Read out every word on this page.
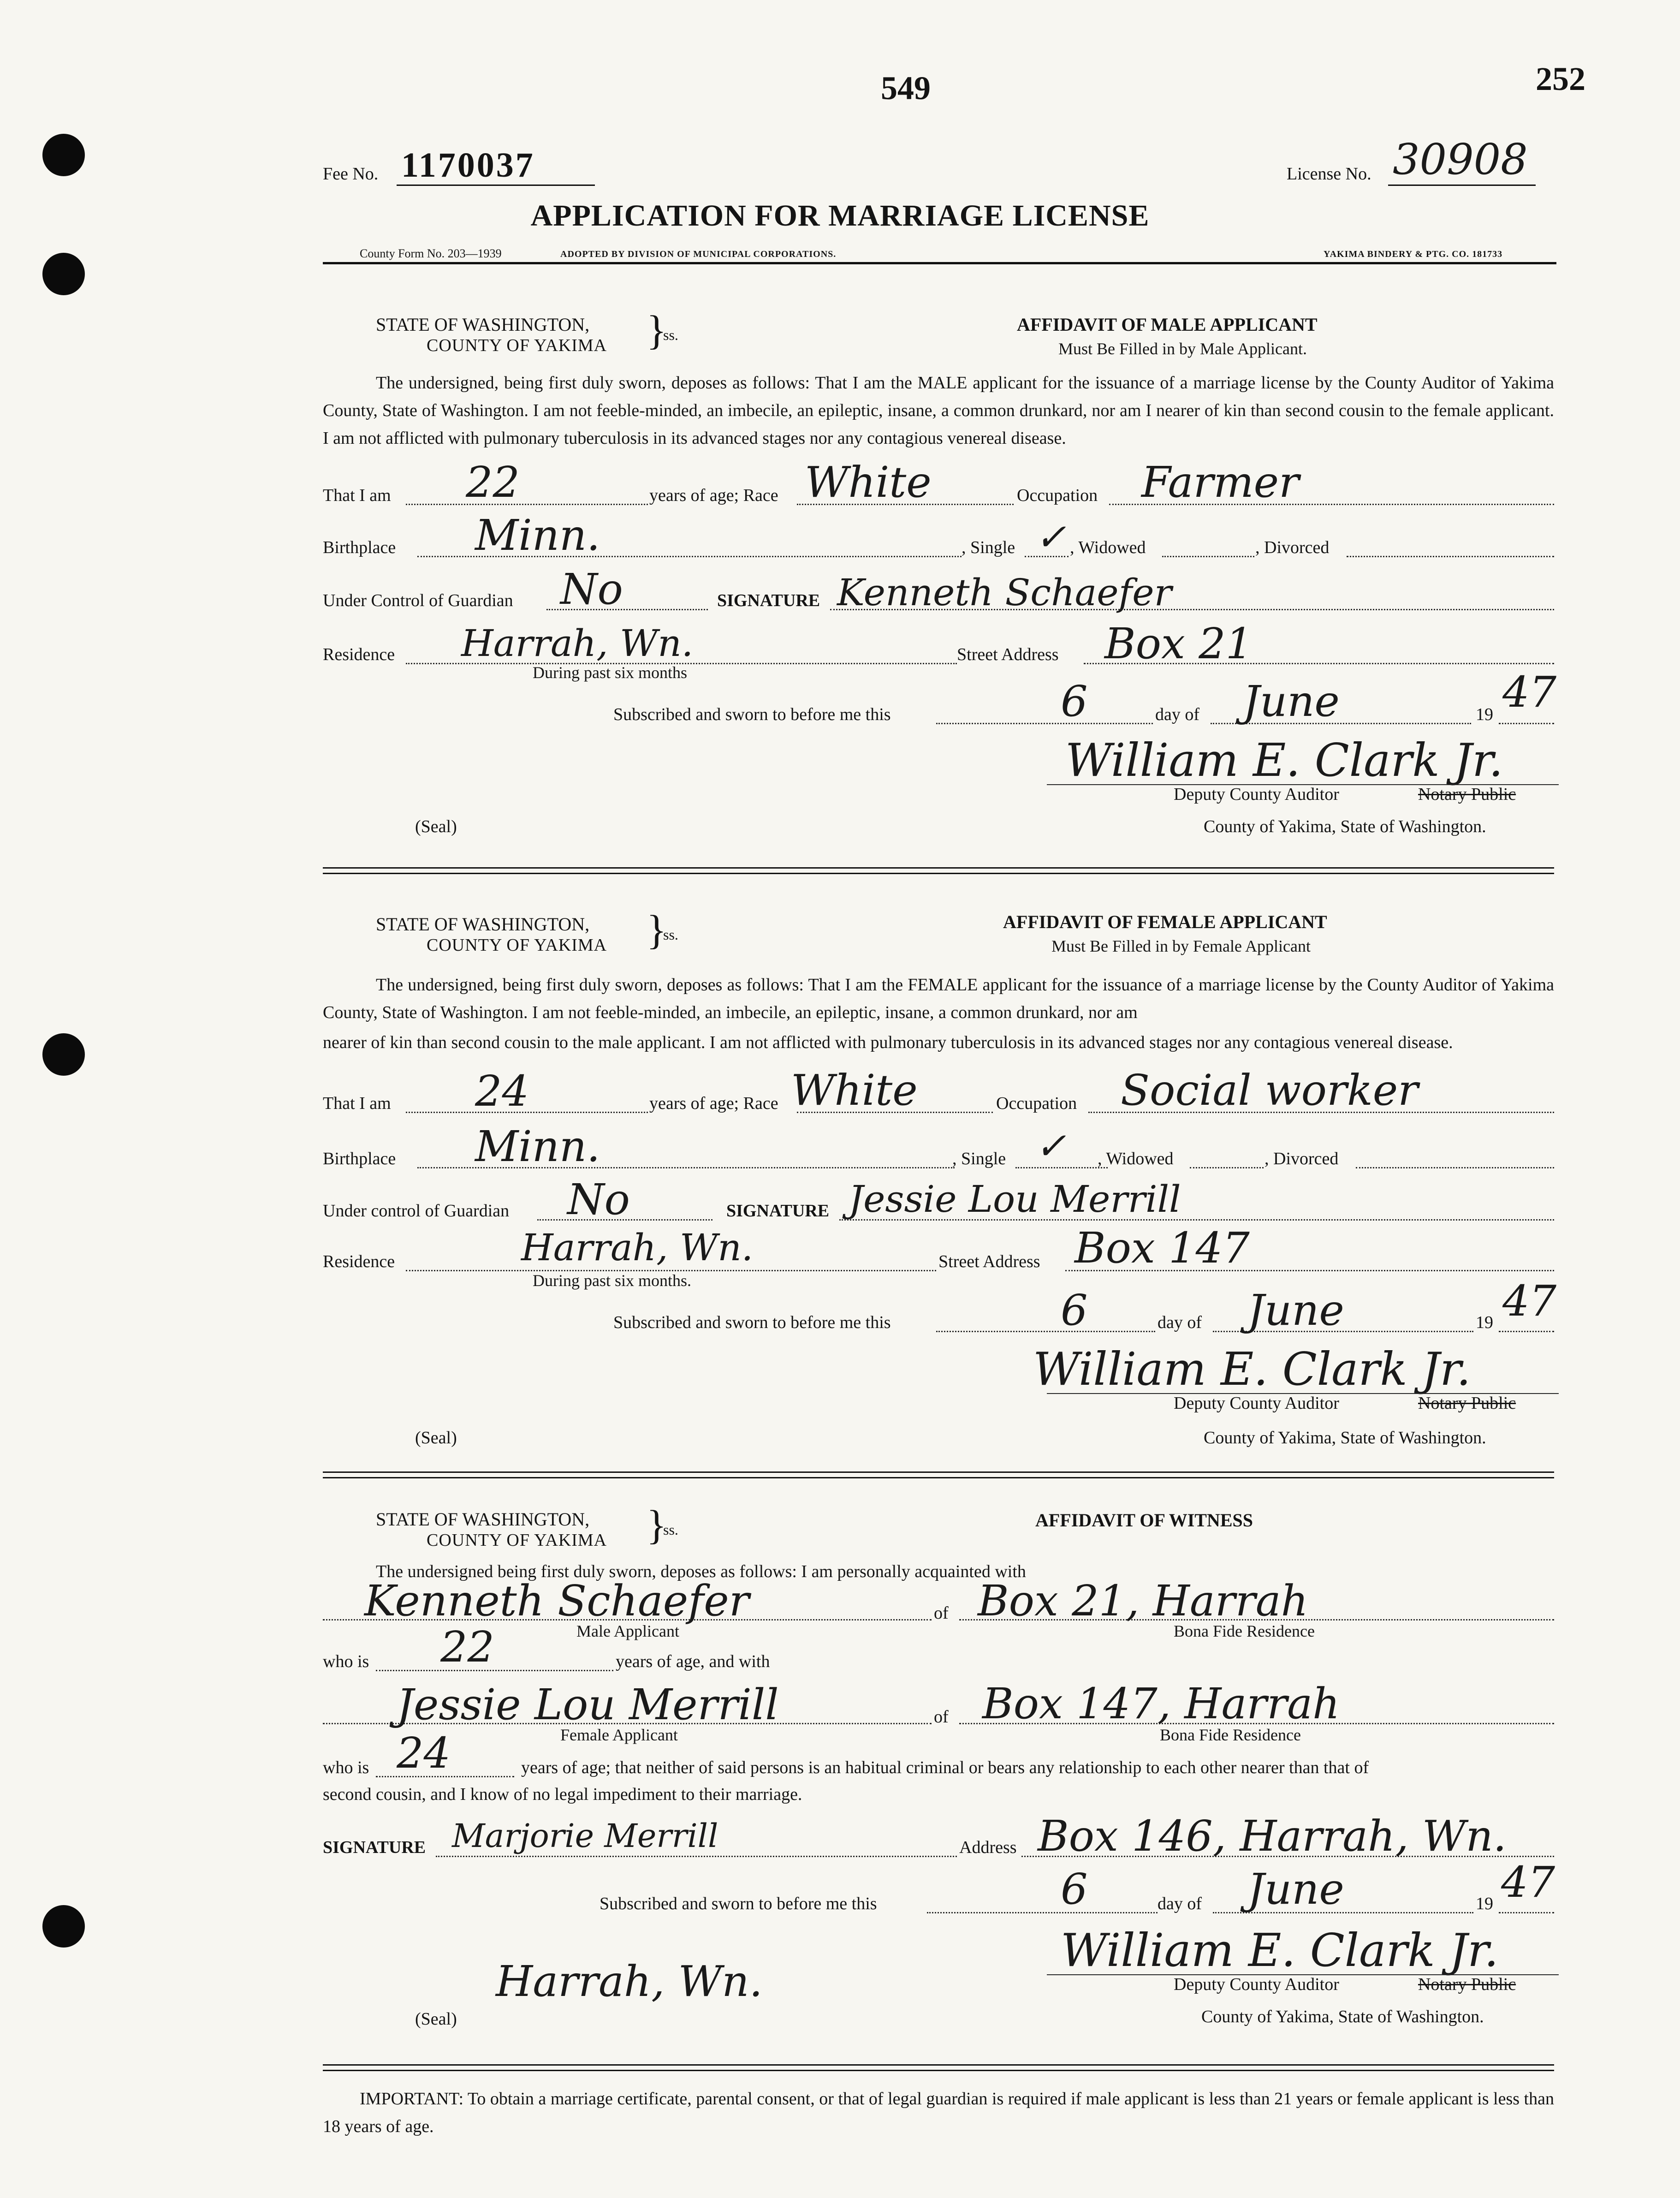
549	252
Fee No. 1170037	License No. 30908
APPLICATION FOR MARRIAGE LICENSE
County Form No. 203—1939	ADOPTED BY DIVISION OF MUNICIPAL CORPORATIONS.	YAKIMA BINDERY & PTG. CO. 181733
STATE OF WASHINGTON,
COUNTY OF YAKIMA }
ss.	AFFIDAVIT OF MALE APPLICANT
Must Be Filled in by Male Applicant.
The undersigned, being first duly sworn, deposes as follows: That I am the MALE applicant for the issuance of a marriage license by the County Auditor of Yakima County, State of Washington. I am not feeble-minded, an imbecile, an epileptic, insane, a common drunkard, nor am I nearer of kin than second cousin to the female applicant. I am not afflicted with pulmonary tuberculosis in its advanced stages nor any contagious venereal disease.
That I am 22	years of age; Race White	Occupation Farmer
Birthplace Minn.	, Single ✓ , Widowed	, Divorced
Under Control of Guardian No	SIGNATURE Kenneth Schaefer
Residence Harrah, Wn.
During past six months
Street Address Box 21
Subscribed and sworn to before me this	6	day of June	19 47
William E. Clark Jr.
Deputy County Auditor	Notary Public
(Seal)	County of Yakima, State of Washington.
STATE OF WASHINGTON,
COUNTY OF YAKIMA }
ss.
AFFIDAVIT OF FEMALE APPLICANT
Must Be Filled in by Female Applicant
The undersigned, being first duly sworn, deposes as follows: That I am the FEMALE applicant for the issuance of a marriage license by the County Auditor of Yakima County, State of Washington. I am not feeble-minded, an imbecile, an epileptic, insane, a common drunkard, nor am
nearer of kin than second cousin to the male applicant. I am not afflicted with pulmonary tuberculosis in its advanced stages nor any contagious venereal disease.
That I am 24	years of age; Race White	Occupation Social worker
Birthplace Minn.	, Single ✓ , Widowed	, Divorced
Under control of Guardian No	SIGNATURE Jessie Lou Merrill
Residence	Harrah, Wn.
During past six months.
Street Address Box 147
Subscribed and sworn to before me this	6	day of June	19 47
William E. Clark Jr.
Deputy County Auditor	Notary Public
(Seal)	County of Yakima, State of Washington.
STATE OF WASHINGTON,
COUNTY OF YAKIMA }
ss.	AFFIDAVIT OF WITNESS
The undersigned being first duly sworn, deposes as follows: I am personally acquainted with
Kenneth Schaefer	of Box 21, Harrah
Male Applicant	Bona Fide Residence
who is 22	years of age, and with
Jessie Lou Merrill	of Box 147, Harrah
Female Applicant	Bona Fide Residence
who is 24	years of age; that neither of said persons is an habitual criminal or bears any relationship to each other nearer than that of
second cousin, and I know of no legal impediment to their marriage.
SIGNATURE Marjorie Merrill	Address Box 146, Harrah, Wn.
Subscribed and sworn to before me this	6	day of June	19 47
William E. Clark Jr.
Deputy County Auditor	Notary Public
Harrah, Wn.
(Seal)	County of Yakima, State of Washington.
IMPORTANT: To obtain a marriage certificate, parental consent, or that of legal guardian is required if male applicant is less than 21 years or female applicant is less than 18 years of age.
